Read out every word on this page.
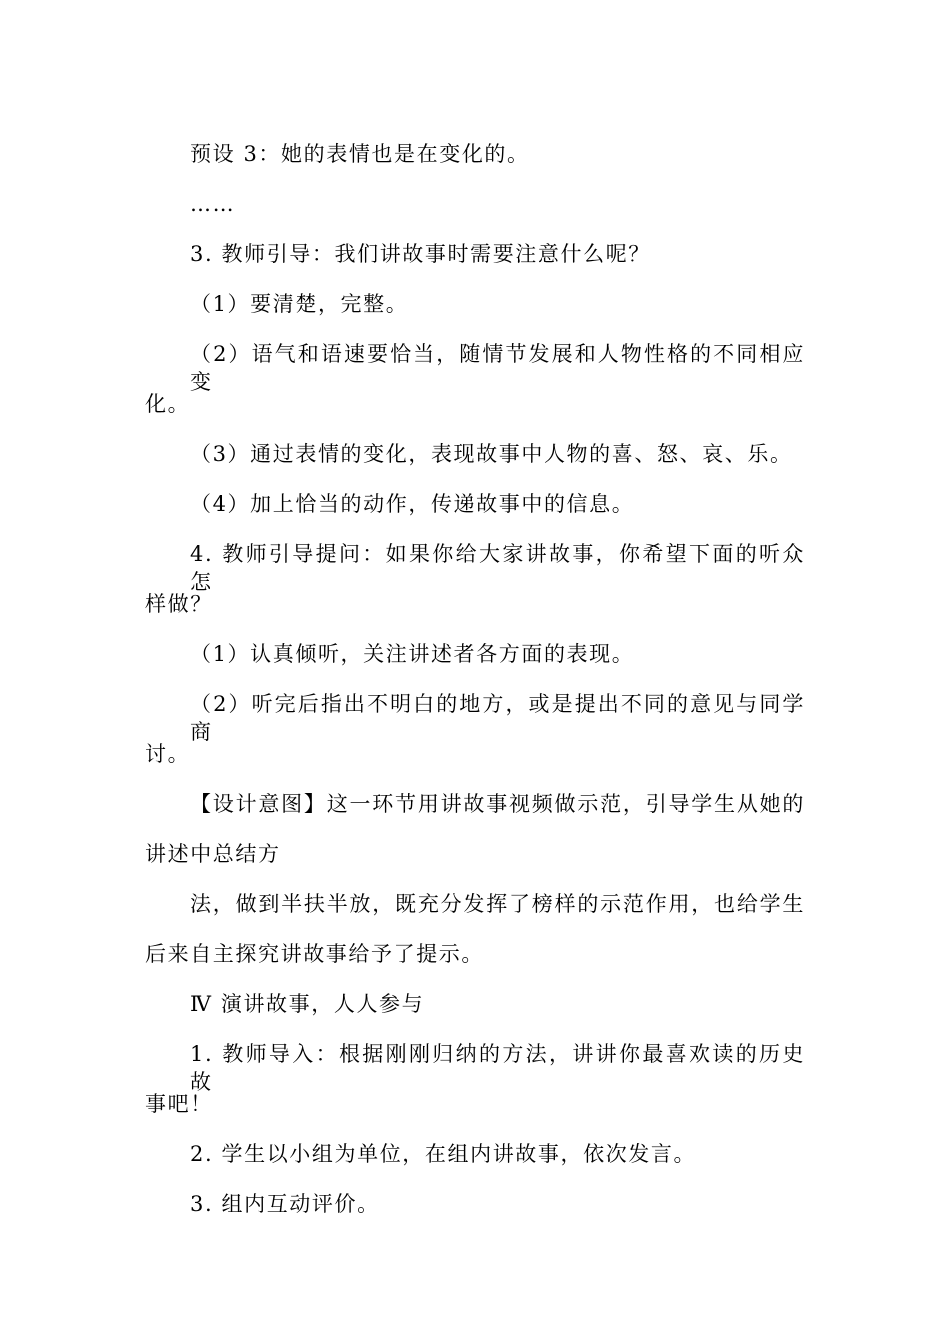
预设 3：她的表情也是在变化的。
……
3. 教师引导：我们讲故事时需要注意什么呢？
（1）要清楚，完整。
（2）语气和语速要恰当，随情节发展和人物性格的不同相应变
化。
（3）通过表情的变化，表现故事中人物的喜、怒、哀、乐。
（4）加上恰当的动作，传递故事中的信息。
4. 教师引导提问：如果你给大家讲故事，你希望下面的听众怎
样做？
（1）认真倾听，关注讲述者各方面的表现。
（2）听完后指出不明白的地方，或是提出不同的意见与同学商
讨。
【设计意图】这一环节用讲故事视频做示范，引导学生从她的
讲述中总结方
法，做到半扶半放，既充分发挥了榜样的示范作用，也给学生
后来自主探究讲故事给予了提示。
Ⅳ 演讲故事，人人参与
1. 教师导入：根据刚刚归纳的方法，讲讲你最喜欢读的历史故
事吧！
2. 学生以小组为单位，在组内讲故事，依次发言。
3. 组内互动评价。
